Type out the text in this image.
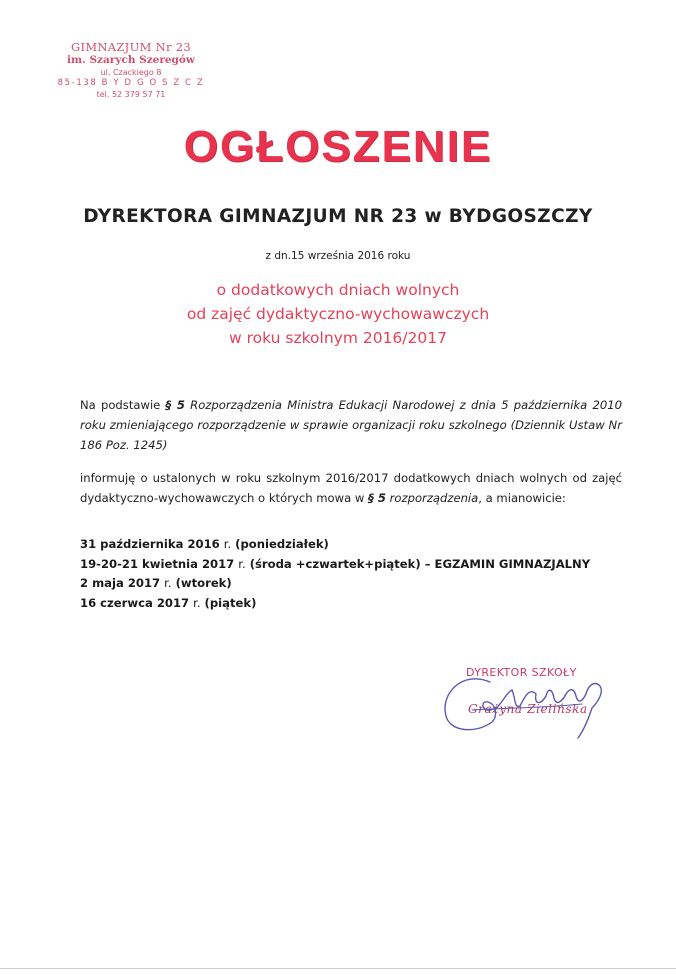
GIMNAZJUM Nr 23
im. Szarych Szeregów
ul. Czackiego 8
85-138 B Y D G O S Z C Z
tel. 52 379 57 71
OGŁOSZENIE
DYREKTORA GIMNAZJUM NR 23 w BYDGOSZCZY
z dn.15 września 2016 roku
o dodatkowych dniach wolnych
od zajęć dydaktyczno-wychowawczych
w roku szkolnym 2016/2017
Na podstawie § 5 Rozporządzenia Ministra Edukacji Narodowej z dnia 5 października 2010 roku zmieniającego rozporządzenie w sprawie organizacji roku szkolnego (Dziennik Ustaw Nr 186 Poz. 1245)
informuję o ustalonych w roku szkolnym 2016/2017 dodatkowych dniach wolnych od zajęć dydaktyczno-wychowawczych o których mowa w § 5 rozporządzenia, a mianowicie:
31 października 2016 r. (poniedziałek)
19-20-21 kwietnia 2017 r. (środa +czwartek+piątek) – EGZAMIN GIMNAZJALNY
2 maja 2017 r. (wtorek)
16 czerwca 2017 r. (piątek)
DYREKTOR SZKOŁY
Grażyna Zielińska
